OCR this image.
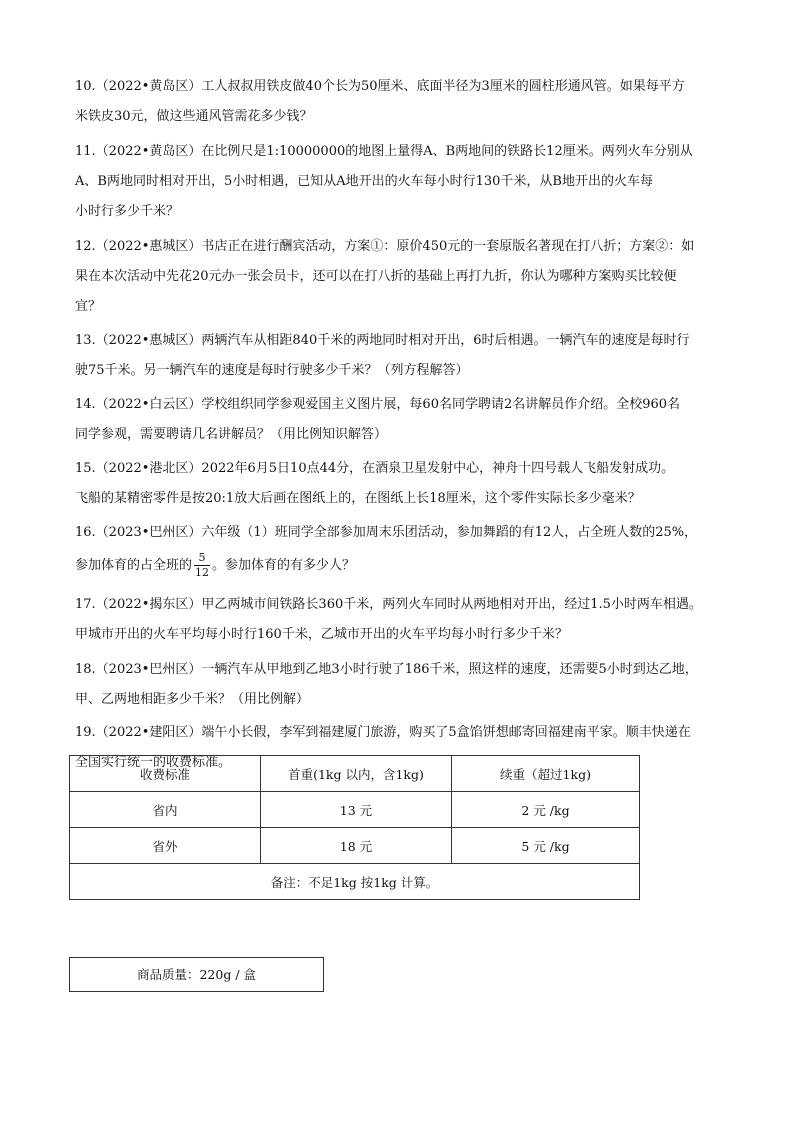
10.（2022•黄岛区）工人叔叔用铁皮做40个长为50厘米、底面半径为3厘米的圆柱形通风管。如果每平方
米铁皮30元，做这些通风管需花多少钱？
11.（2022•黄岛区）在比例尺是1:10000000的地图上量得A、B两地间的铁路长12厘米。两列火车分别从
A、B两地同时相对开出，5小时相遇，已知从A地开出的火车每小时行130千米，从B地开出的火车每
小时行多少千米？
12.（2022•惠城区）书店正在进行酬宾活动，方案①：原价450元的一套原版名著现在打八折；方案②：如
果在本次活动中先花20元办一张会员卡，还可以在打八折的基础上再打九折，你认为哪种方案购买比较便
宜？
13.（2022•惠城区）两辆汽车从相距840千米的两地同时相对开出，6时后相遇。一辆汽车的速度是每时行
驶75千米。另一辆汽车的速度是每时行驶多少千米？（列方程解答）
14.（2022•白云区）学校组织同学参观爱国主义图片展，每60名同学聘请2名讲解员作介绍。全校960名
同学参观，需要聘请几名讲解员？（用比例知识解答）
15.（2022•港北区）2022年6月5日10点44分，在酒泉卫星发射中心，神舟十四号载人飞船发射成功。
飞船的某精密零件是按20:1放大后画在图纸上的，在图纸上长18厘米，这个零件实际长多少毫米？
16.（2023•巴州区）六年级（1）班同学全部参加周末乐团活动，参加舞蹈的有12人，占全班人数的25%，
参加体育的占全班的 $\frac{5}{12}$ 。参加体育的有多少人？
17.（2022•揭东区）甲乙两城市间铁路长360千米，两列火车同时从两地相对开出，经过1.5小时两车相遇。
甲城市开出的火车平均每小时行160千米，乙城市开出的火车平均每小时行多少千米？
18.（2023•巴州区）一辆汽车从甲地到乙地3小时行驶了186千米，照这样的速度，还需要5小时到达乙地，
甲、乙两地相距多少千米？（用比例解）
19.（2022•建阳区）端午小长假，李军到福建厦门旅游，购买了5盒馅饼想邮寄回福建南平家。顺丰快递在
全国实行统一的收费标准。
收费标准	首重(1kg 以内，含1kg)	续重（超过1kg)
省内	13 元	2 元 /kg
省外	18 元	5 元 /kg
备注：不足1kg 按1kg 计算。		
商品质量：220g / 盒
